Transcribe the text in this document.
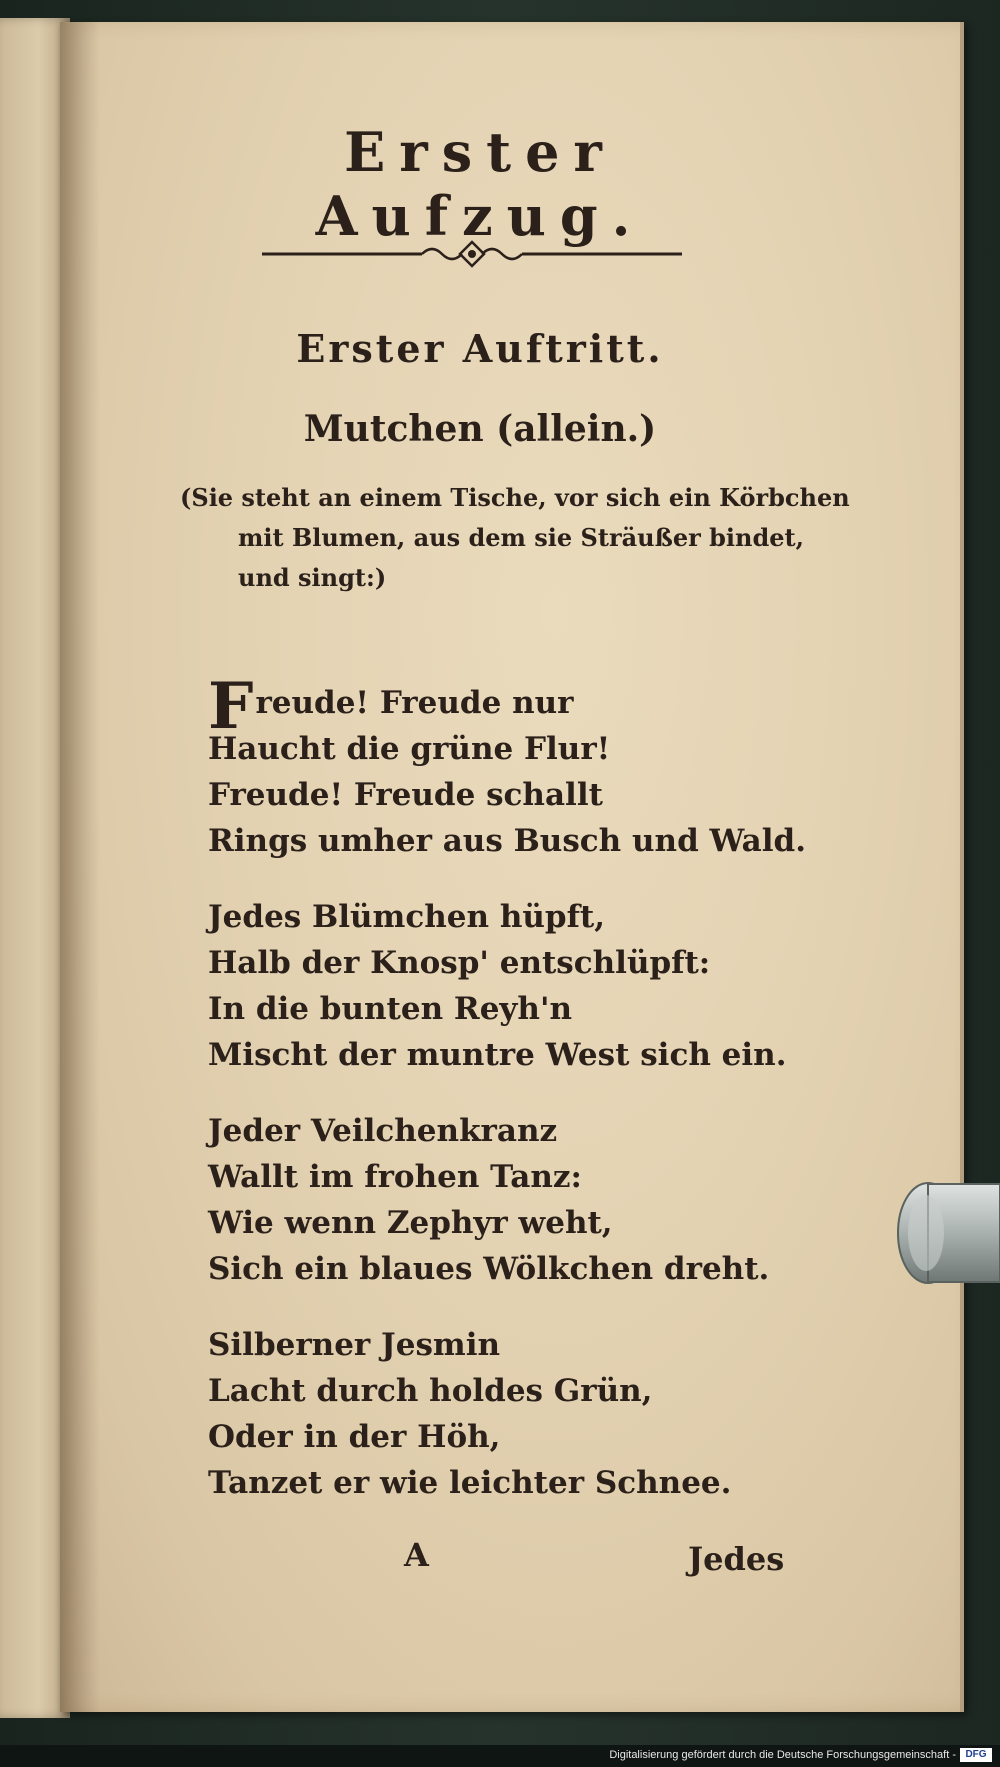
Erster Aufzug.
Erster Auftritt.
Mutchen (allein.)
(Sie steht an einem Tische, vor sich ein Körbchen
mit Blumen, aus dem sie Sträußer bindet,
und singt:)
Freude! Freude nur
Haucht die grüne Flur!
Freude! Freude schallt
Rings umher aus Busch und Wald.
Jedes Blümchen hüpft,
Halb der Knosp' entschlüpft:
In die bunten Reyh'n
Mischt der muntre West sich ein.
Jeder Veilchenkranz
Wallt im frohen Tanz:
Wie wenn Zephyr weht,
Sich ein blaues Wölkchen dreht.
Silberner Jesmin
Lacht durch holdes Grün,
Oder in der Höh,
Tanzet er wie leichter Schnee.
A	Jedes
Digitalisierung gefördert durch die Deutsche Forschungsgemeinschaft - DFG
